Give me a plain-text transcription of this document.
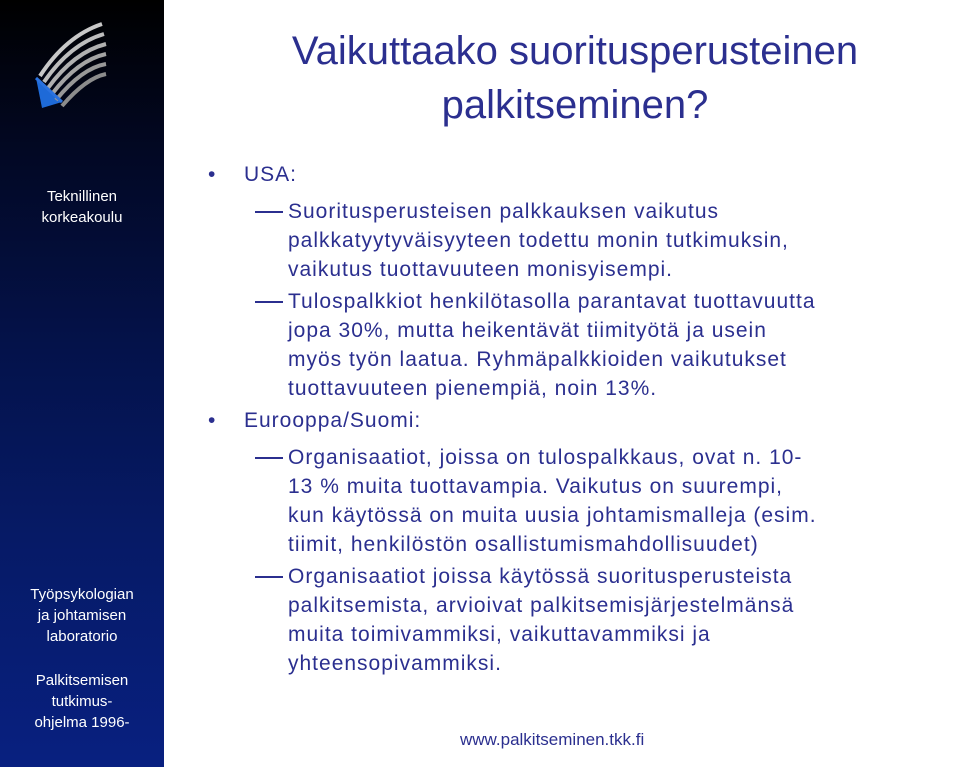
Teknillinen
korkeakoulu
Työpsykologian
ja johtamisen
laboratorio
Palkitsemisen
tutkimus-
ohjelma 1996-
Vaikuttaako suoritusperusteinen
palkitseminen?
• USA:
Suoritusperusteisen palkkauksen vaikutus
palkkatyytyväisyyteen todettu monin tutkimuksin,
vaikutus tuottavuuteen monisyisempi.
Tulospalkkiot henkilötasolla parantavat tuottavuutta
jopa 30%, mutta heikentävät tiimityötä ja usein
myös työn laatua. Ryhmäpalkkioiden vaikutukset
tuottavuuteen pienempiä, noin 13%.
• Eurooppa/Suomi:
Organisaatiot, joissa on tulospalkkaus, ovat n. 10-
13 % muita tuottavampia. Vaikutus on suurempi,
kun käytössä on muita uusia johtamismalleja (esim.
tiimit, henkilöstön osallistumismahdollisuudet)
Organisaatiot joissa käytössä suoritusperusteista
palkitsemista, arvioivat palkitsemisjärjestelmänsä
muita toimivammiksi, vaikuttavammiksi ja
yhteensopivammiksi.
www.palkitseminen.tkk.fi
